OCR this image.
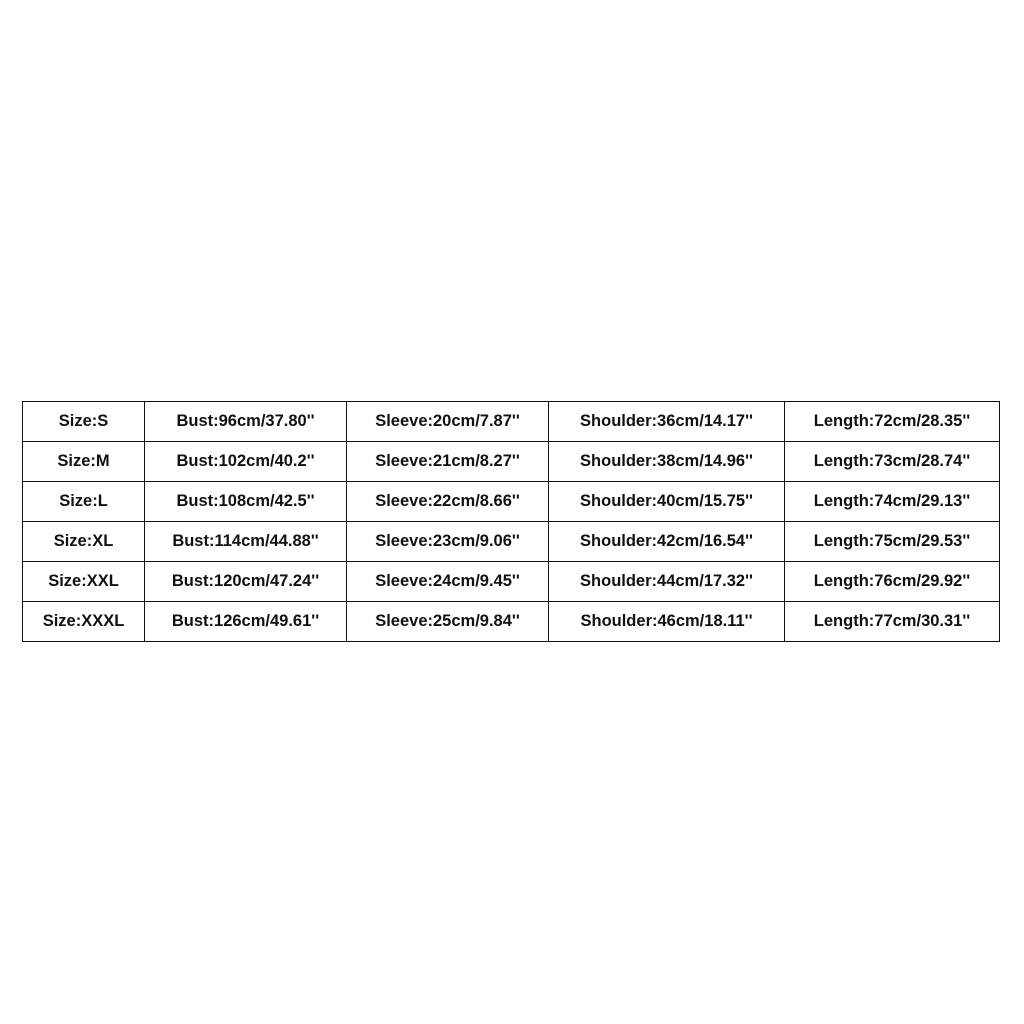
Size:S	Bust:96cm/37.80''	Sleeve:20cm/7.87''	Shoulder:36cm/14.17''	Length:72cm/28.35''
Size:M	Bust:102cm/40.2''	Sleeve:21cm/8.27''	Shoulder:38cm/14.96''	Length:73cm/28.74''
Size:L	Bust:108cm/42.5''	Sleeve:22cm/8.66''	Shoulder:40cm/15.75''	Length:74cm/29.13''
Size:XL	Bust:114cm/44.88''	Sleeve:23cm/9.06''	Shoulder:42cm/16.54''	Length:75cm/29.53''
Size:XXL	Bust:120cm/47.24''	Sleeve:24cm/9.45''	Shoulder:44cm/17.32''	Length:76cm/29.92''
Size:XXXL	Bust:126cm/49.61''	Sleeve:25cm/9.84''	Shoulder:46cm/18.11''	Length:77cm/30.31''
